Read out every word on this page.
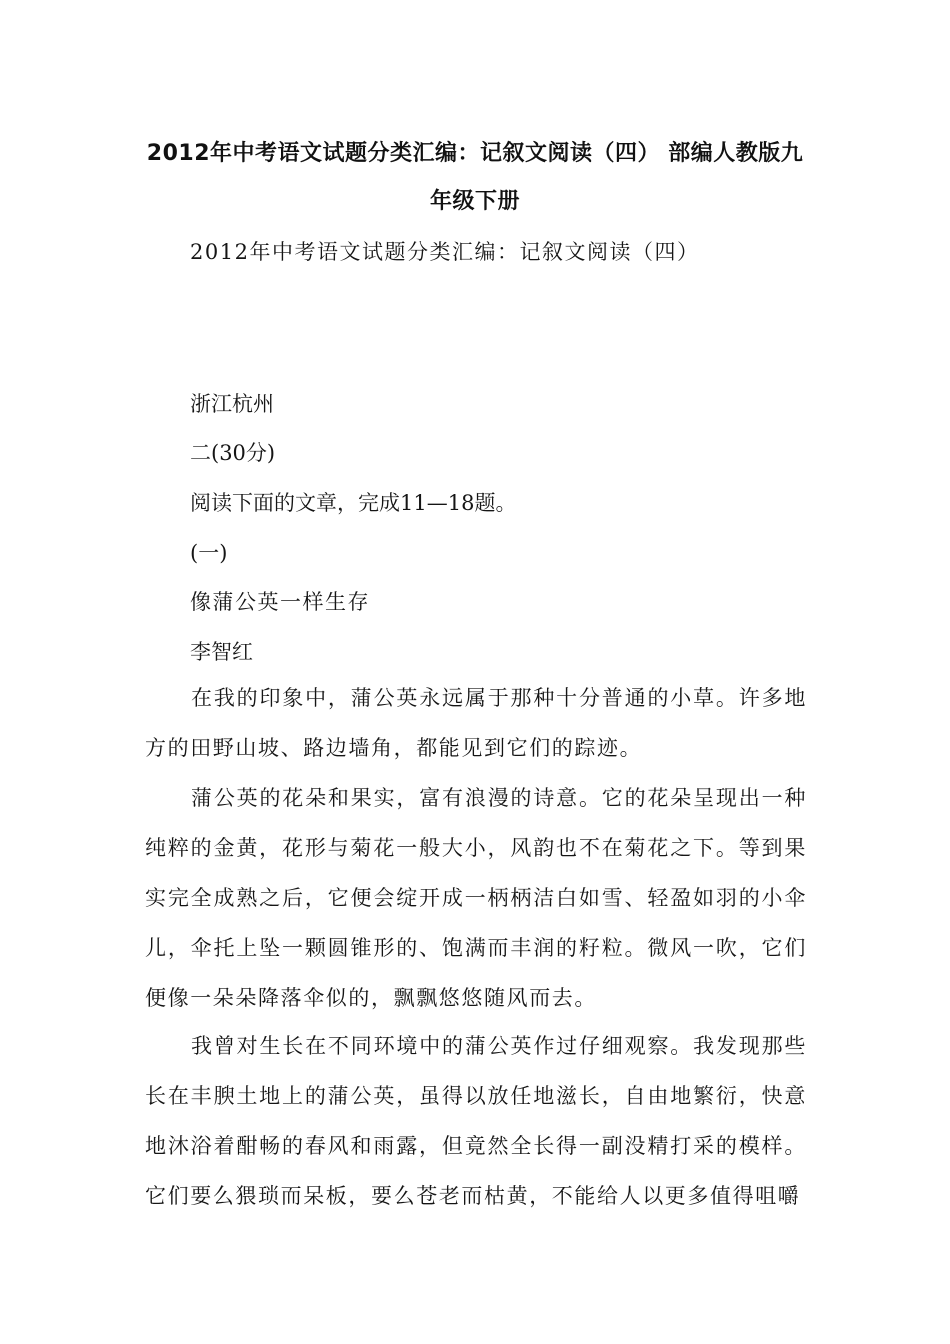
2012年中考语文试题分类汇编：记叙文阅读（四） 部编人教版九
年级下册
2012年中考语文试题分类汇编：记叙文阅读（四）
浙江杭州
二(30分)
阅读下面的文章，完成11—18题。
(一)
像蒲公英一样生存
李智红

在我的印象中，蒲公英永远属于那种十分普通的小草。许多地方的田野山坡、路边墙角，都能见到它们的踪迹。

蒲公英的花朵和果实，富有浪漫的诗意。它的花朵呈现出一种纯粹的金黄，花形与菊花一般大小，风韵也不在菊花之下。等到果实完全成熟之后，它便会绽开成一柄柄洁白如雪、轻盈如羽的小伞儿，伞托上坠一颗圆锥形的、饱满而丰润的籽粒。微风一吹，它们便像一朵朵降落伞似的，飘飘悠悠随风而去。

我曾对生长在不同环境中的蒲公英作过仔细观察。我发现那些长在丰腴土地上的蒲公英，虽得以放任地滋长，自由地繁衍，快意地沐浴着酣畅的春风和雨露，但竟然全长得一副没精打采的模样。它们要么猥琐而呆板，要么苍老而枯黄，不能给人以更多值得咀嚼
